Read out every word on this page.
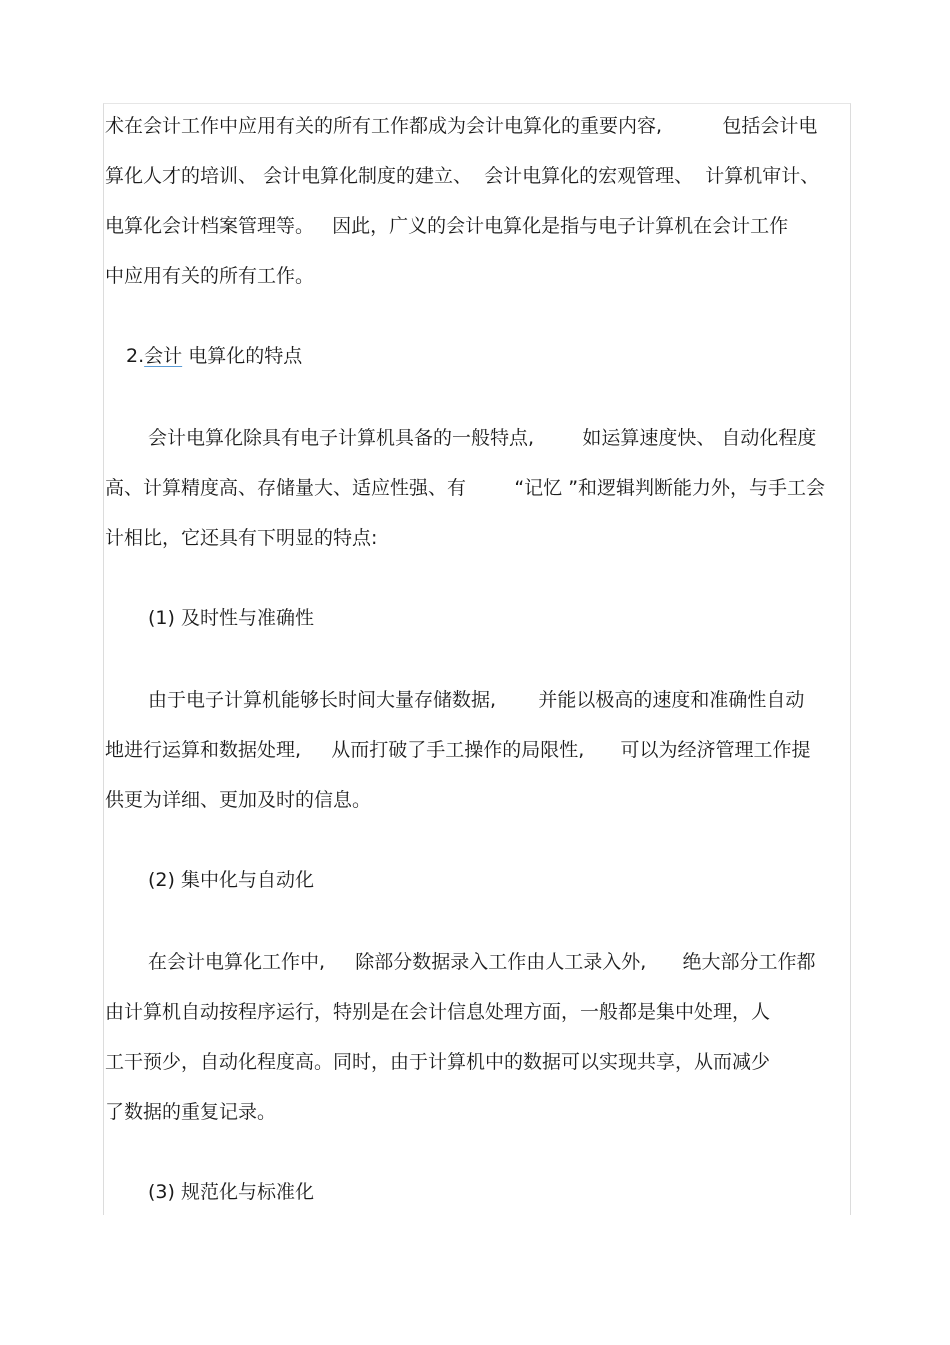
术在会计工作中应用有关的所有工作都成为会计电算化的重要内容,          包括会计电
算化人才的培训、 会计电算化制度的建立、  会计电算化的宏观管理、  计算机审计、
电算化会计档案管理等。   因此，广义的会计电算化是指与电子计算机在会计工作
中应用有关的所有工作。
2.会计 电算化的特点
会计电算化除具有电子计算机具备的一般特点,        如运算速度快、 自动化程度
高、计算精度高、存储量大、适应性强、有        “记忆 ”和逻辑判断能力外，与手工会
计相比，它还具有下明显的特点:
(1) 及时性与准确性
由于电子计算机能够长时间大量存储数据,       并能以极高的速度和准确性自动
地进行运算和数据处理,     从而打破了手工操作的局限性,      可以为经济管理工作提
供更为详细、更加及时的信息。
(2) 集中化与自动化
在会计电算化工作中,     除部分数据录入工作由人工录入外,      绝大部分工作都
由计算机自动按程序运行，特别是在会计信息处理方面，一般都是集中处理，人
工干预少，自动化程度高。同时，由于计算机中的数据可以实现共享，从而减少
了数据的重复记录。
(3) 规范化与标准化
